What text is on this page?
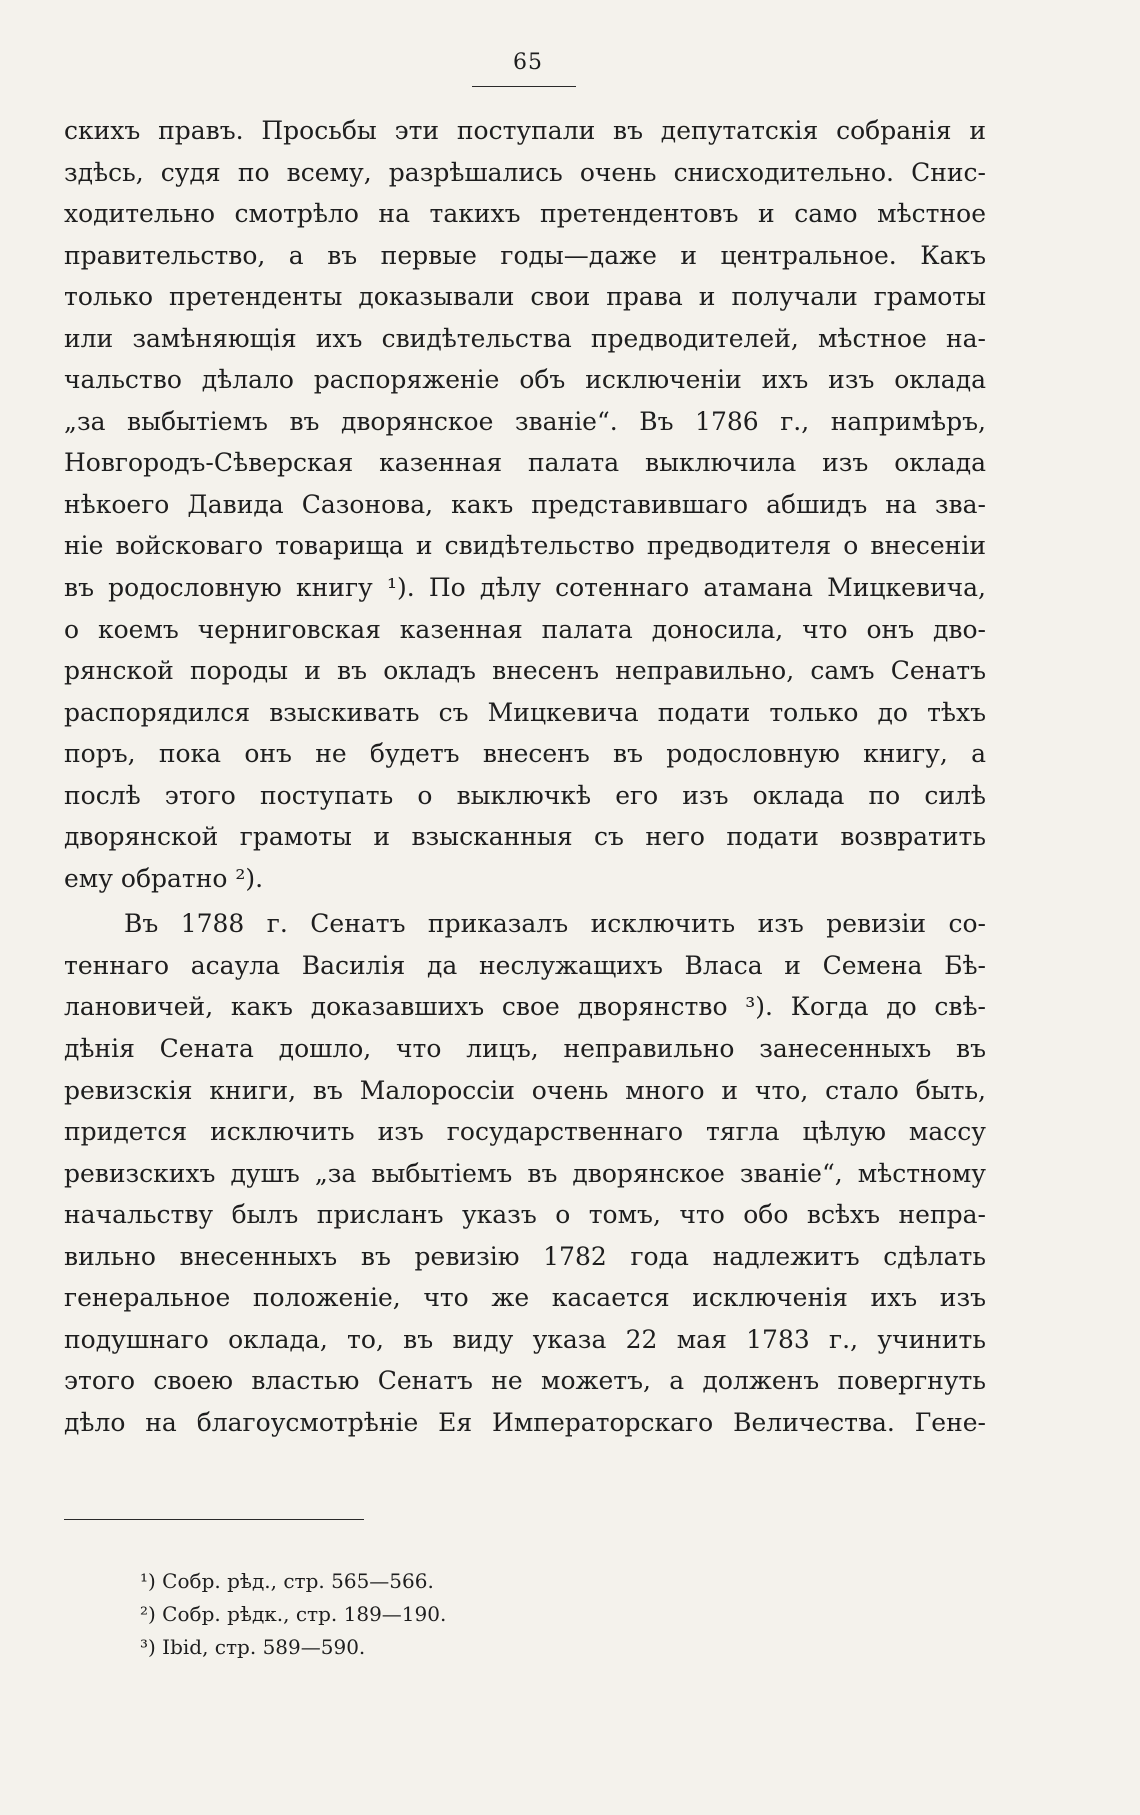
65
скихъ правъ. Просьбы эти поступали въ депутатскія собранія и
здѣсь, судя по всему, разрѣшались очень снисходительно. Снис-
ходительно смотрѣло на такихъ претендентовъ и само мѣстное
правительство, а въ первые годы—даже и центральное. Какъ
только претенденты доказывали свои права и получали грамоты
или замѣняющія ихъ свидѣтельства предводителей, мѣстное на-
чальство дѣлало распоряженіе объ исключеніи ихъ изъ оклада
„за выбытіемъ въ дворянское званіе“. Въ 1786 г., напримѣръ,
Новгородъ-Сѣверская казенная палата выключила изъ оклада
нѣкоего Давида Сазонова, какъ представившаго абшидъ на зва-
ніе войсковаго товарища и свидѣтельство предводителя о внесеніи
въ родословную книгу ¹). По дѣлу сотеннаго атамана Мицкевича,
о коемъ черниговская казенная палата доносила, что онъ дво-
рянской породы и въ окладъ внесенъ неправильно, самъ Сенатъ
распорядился взыскивать съ Мицкевича подати только до тѣхъ
поръ, пока онъ не будетъ внесенъ въ родословную книгу, а
послѣ этого поступать о выключкѣ его изъ оклада по силѣ
дворянской грамоты и взысканныя съ него подати возвратить
ему обратно ²).
Въ 1788 г. Сенатъ приказалъ исключить изъ ревизіи со-
теннаго асаула Василія да неслужащихъ Власа и Семена Бѣ-
лановичей, какъ доказавшихъ свое дворянство ³). Когда до свѣ-
дѣнія Сената дошло, что лицъ, неправильно занесенныхъ въ
ревизскія книги, въ Малороссіи очень много и что, стало быть,
придется исключить изъ государственнаго тягла цѣлую массу
ревизскихъ душъ „за выбытіемъ въ дворянское званіе“, мѣстному
начальству былъ присланъ указъ о томъ, что обо всѣхъ непра-
вильно внесенныхъ въ ревизію 1782 года надлежитъ сдѣлать
генеральное положеніе, что же касается исключенія ихъ изъ
подушнаго оклада, то, въ виду указа 22 мая 1783 г., учинить
этого своею властью Сенатъ не можетъ, а долженъ повергнуть
дѣло на благоусмотрѣніе Ея Императорскаго Величества. Гене-
¹) Собр. рѣд., стр. 565—566.
²) Собр. рѣдк., стр. 189—190.
³) Ibid, стр. 589—590.
